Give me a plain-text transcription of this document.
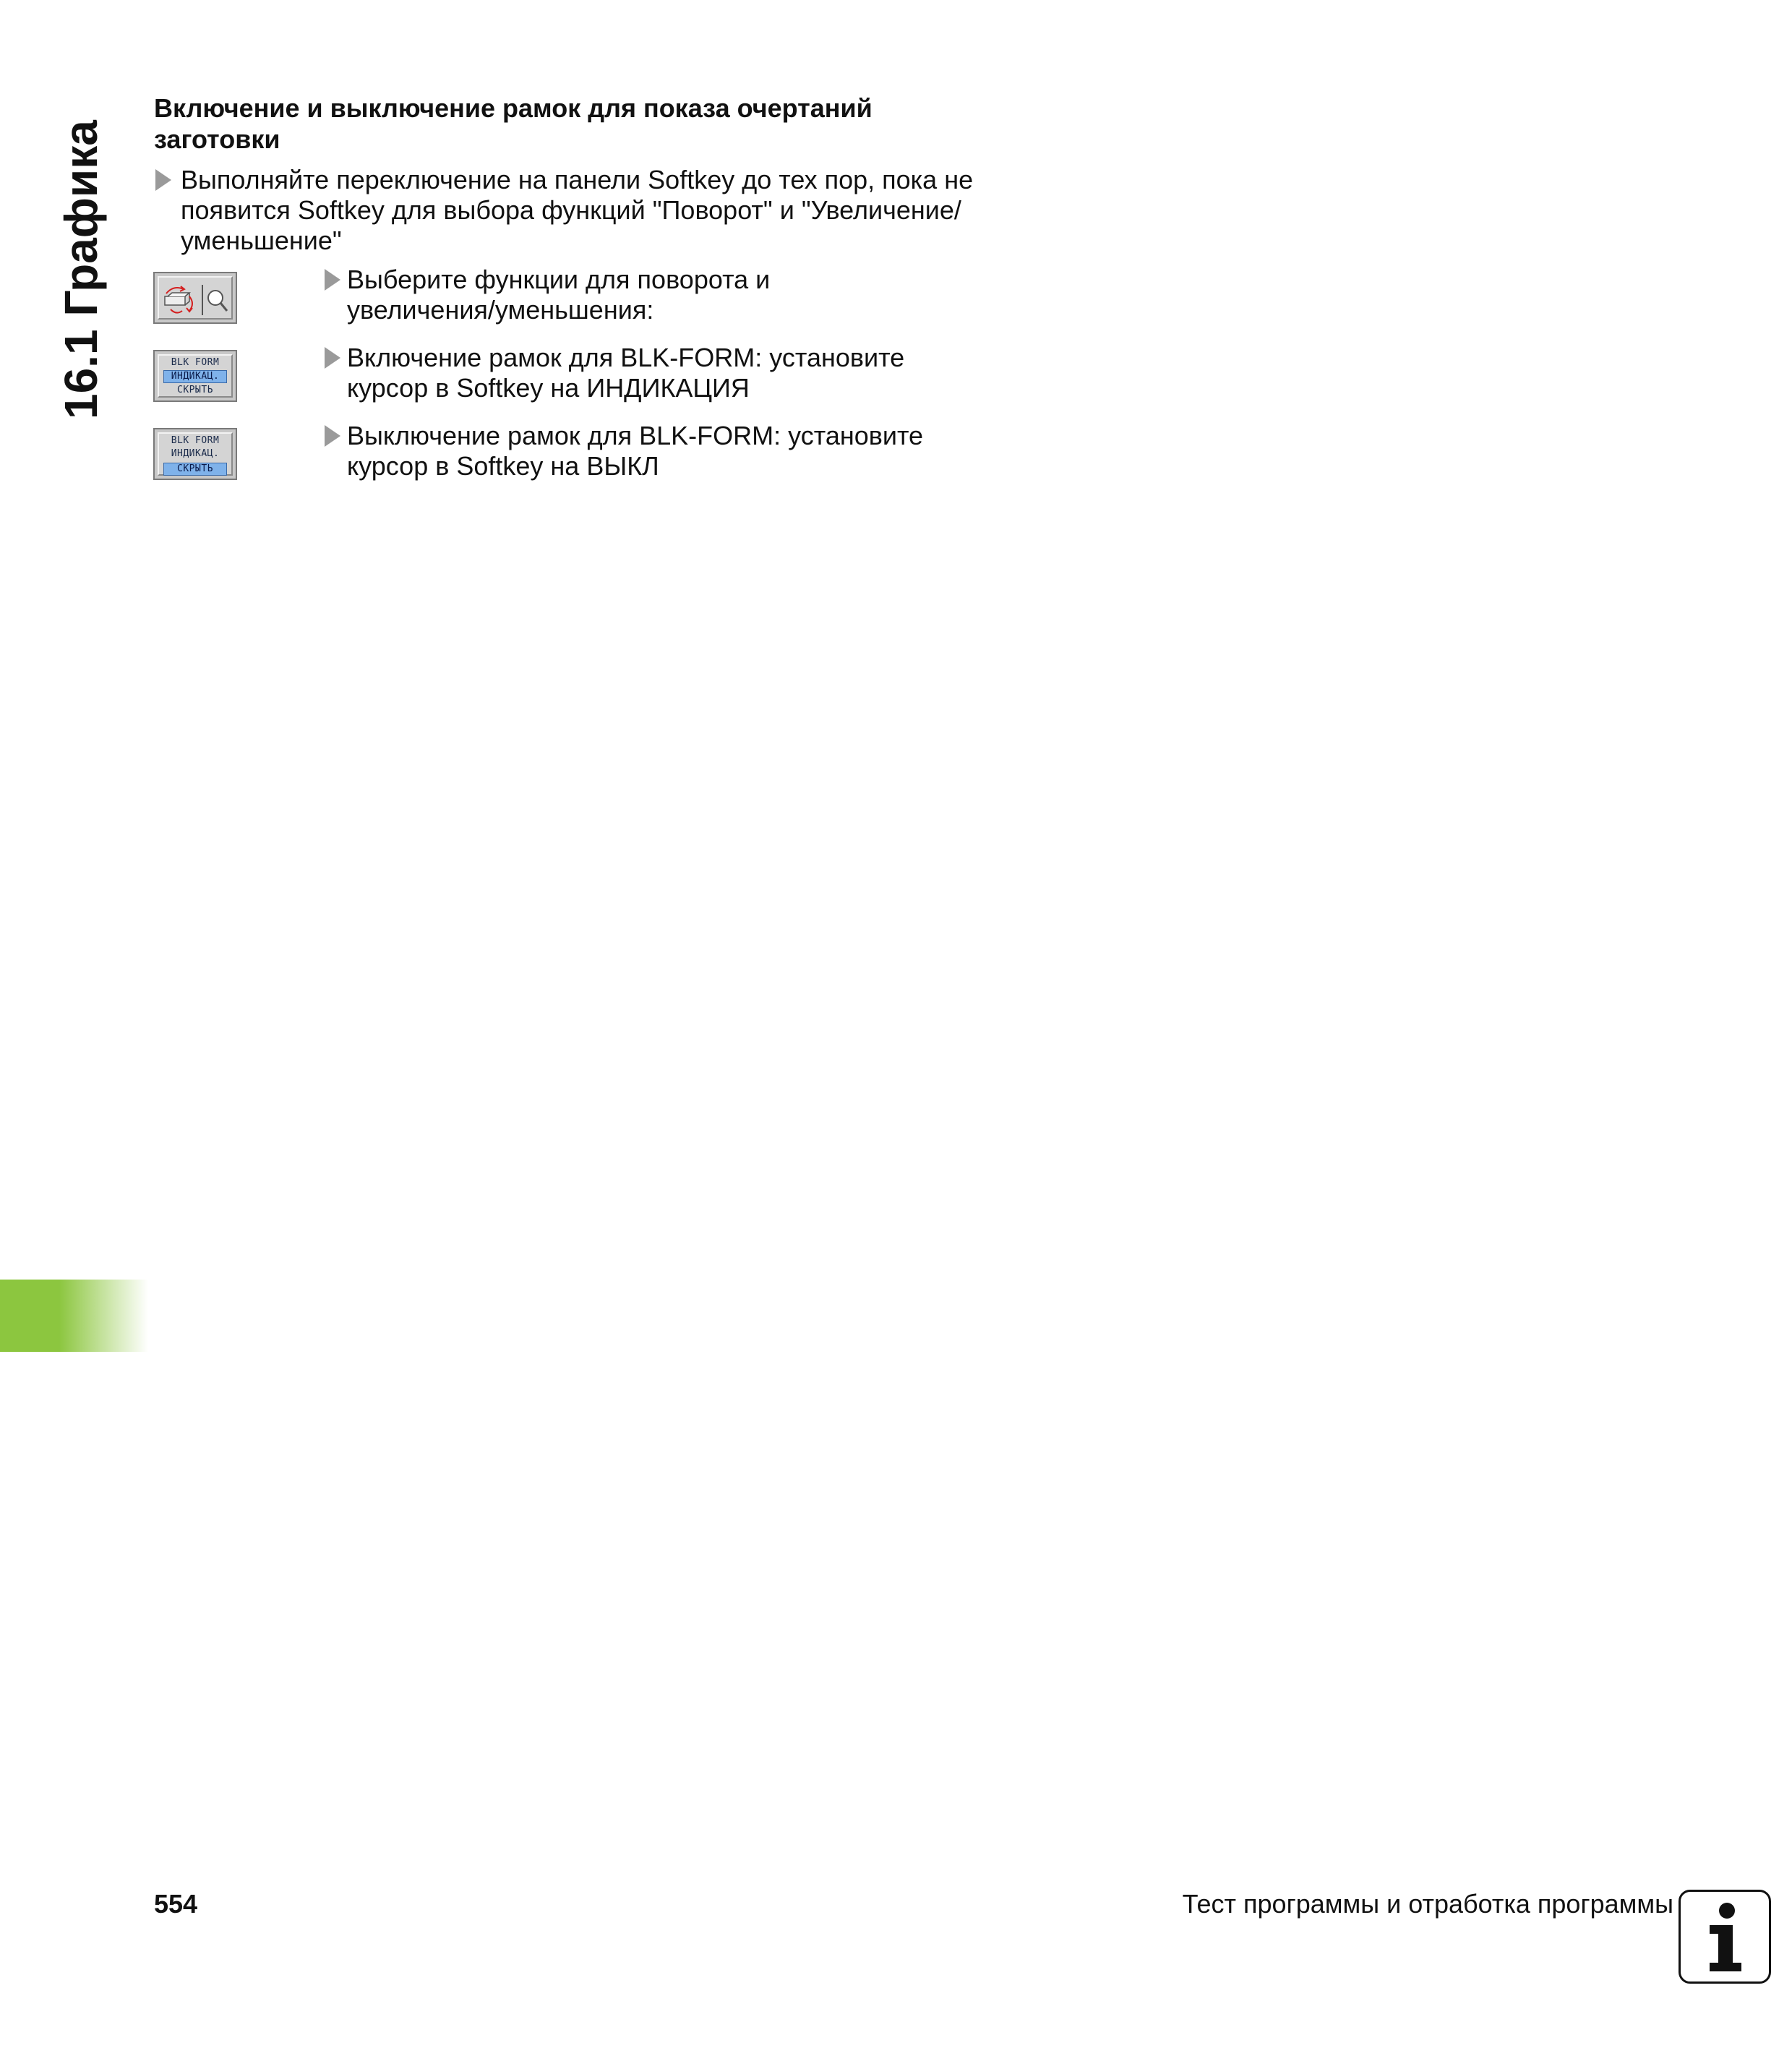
16.1 Графика
Включение и выключение рамок для показа очертаний заготовки
Выполняйте переключение на панели Softkey до тех пор, пока не появится Softkey для выбора функций "Поворот" и "Увеличение/уменьшение"
Выберите функции для поворота и увеличения/уменьшения:
BLK FORM
ИНДИКАЦ.
СКРЫТЬ
Включение рамок для BLK-FORM: установите курсор в Softkey на ИНДИКАЦИЯ
BLK FORM
ИНДИКАЦ.
СКРЫТЬ
Выключение рамок для BLK-FORM: установите курсор в Softkey на ВЫКЛ
554	Тест программы и отработка программы
